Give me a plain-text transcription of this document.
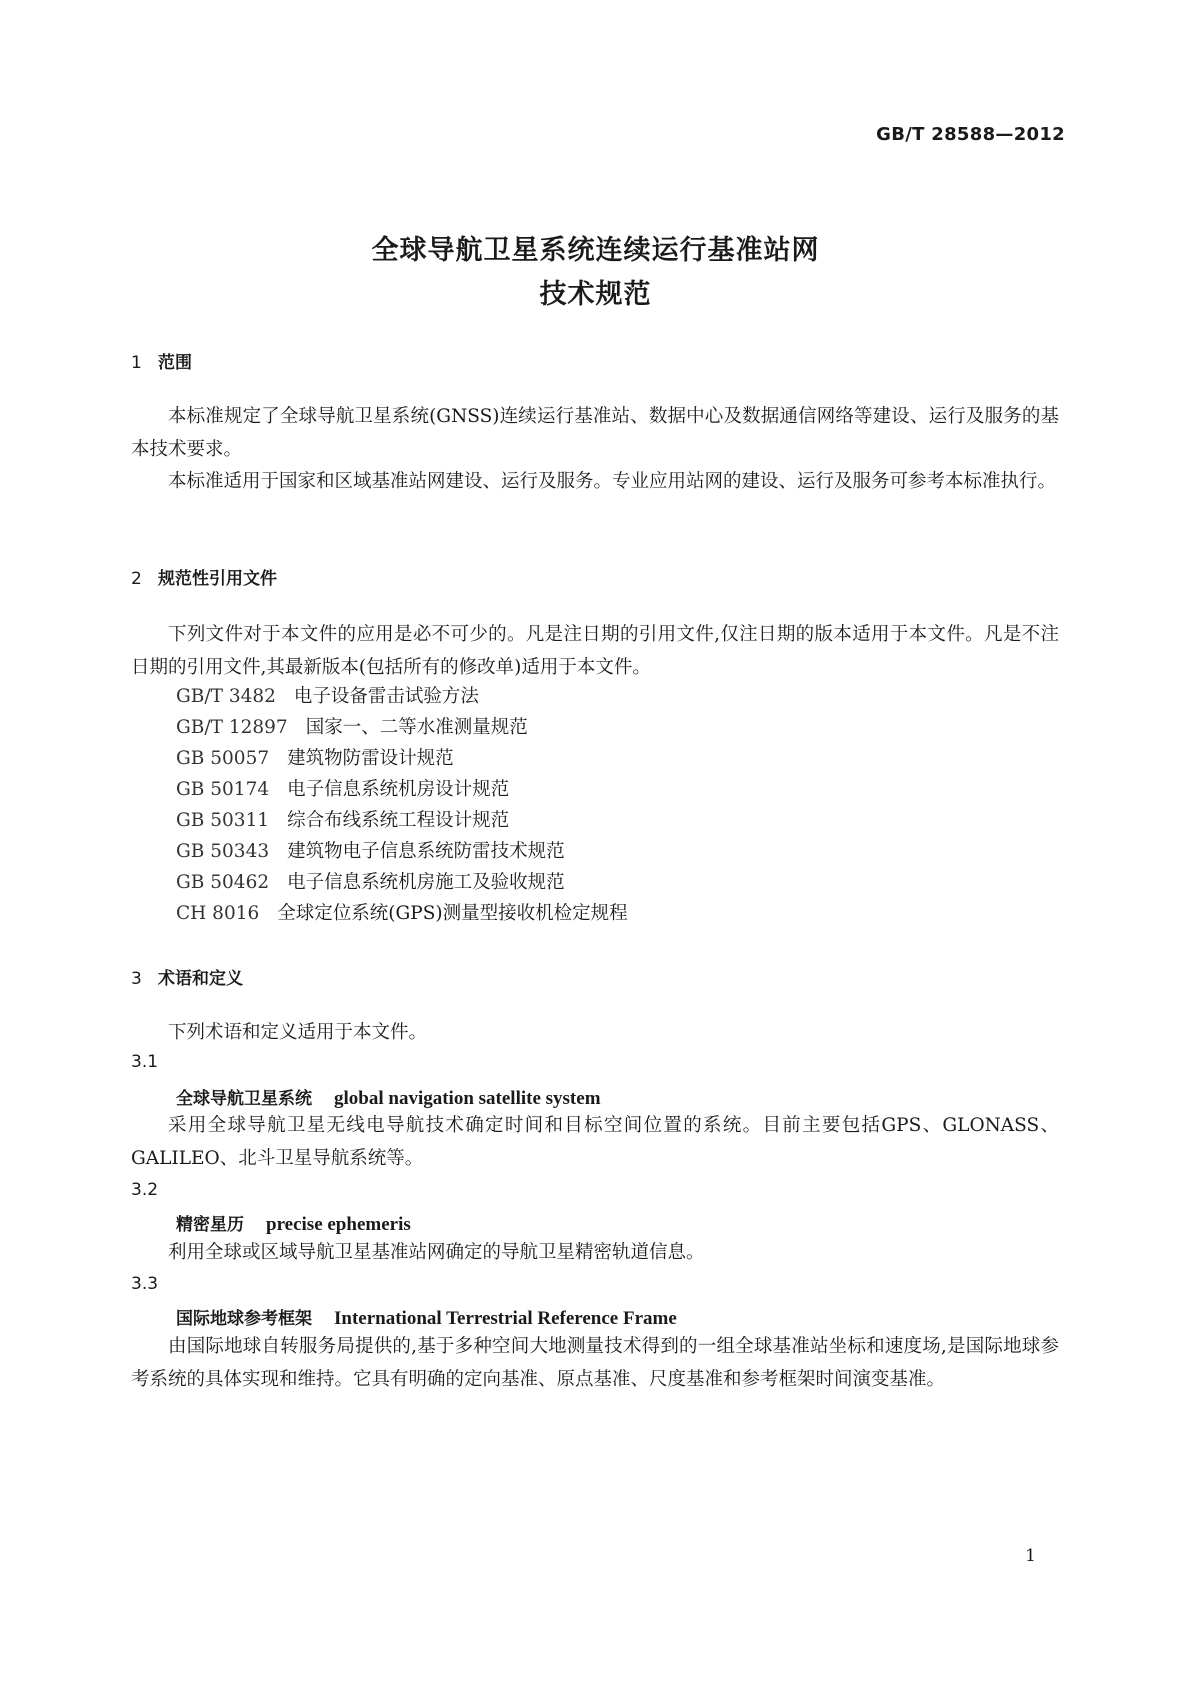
GB/T 28588—2012
全球导航卫星系统连续运行基准站网
技术规范
1 范围
本标准规定了全球导航卫星系统(GNSS)连续运行基准站、数据中心及数据通信网络等建设、运行及服务的基本技术要求。
本标准适用于国家和区域基准站网建设、运行及服务。专业应用站网的建设、运行及服务可参考本标准执行。
2 规范性引用文件
下列文件对于本文件的应用是必不可少的。凡是注日期的引用文件,仅注日期的版本适用于本文件。凡是不注日期的引用文件,其最新版本(包括所有的修改单)适用于本文件。
GB/T 3482 电子设备雷击试验方法
GB/T 12897 国家一、二等水准测量规范
GB 50057 建筑物防雷设计规范
GB 50174 电子信息系统机房设计规范
GB 50311 综合布线系统工程设计规范
GB 50343 建筑物电子信息系统防雷技术规范
GB 50462 电子信息系统机房施工及验收规范
CH 8016 全球定位系统(GPS)测量型接收机检定规程
3 术语和定义
下列术语和定义适用于本文件。
3.1
全球导航卫星系统 global navigation satellite system
采用全球导航卫星无线电导航技术确定时间和目标空间位置的系统。目前主要包括GPS、GLONASS、GALILEO、北斗卫星导航系统等。
3.2
精密星历 precise ephemeris
利用全球或区域导航卫星基准站网确定的导航卫星精密轨道信息。
3.3
国际地球参考框架 International Terrestrial Reference Frame
由国际地球自转服务局提供的,基于多种空间大地测量技术得到的一组全球基准站坐标和速度场,是国际地球参考系统的具体实现和维持。它具有明确的定向基准、原点基准、尺度基准和参考框架时间演变基准。
1
